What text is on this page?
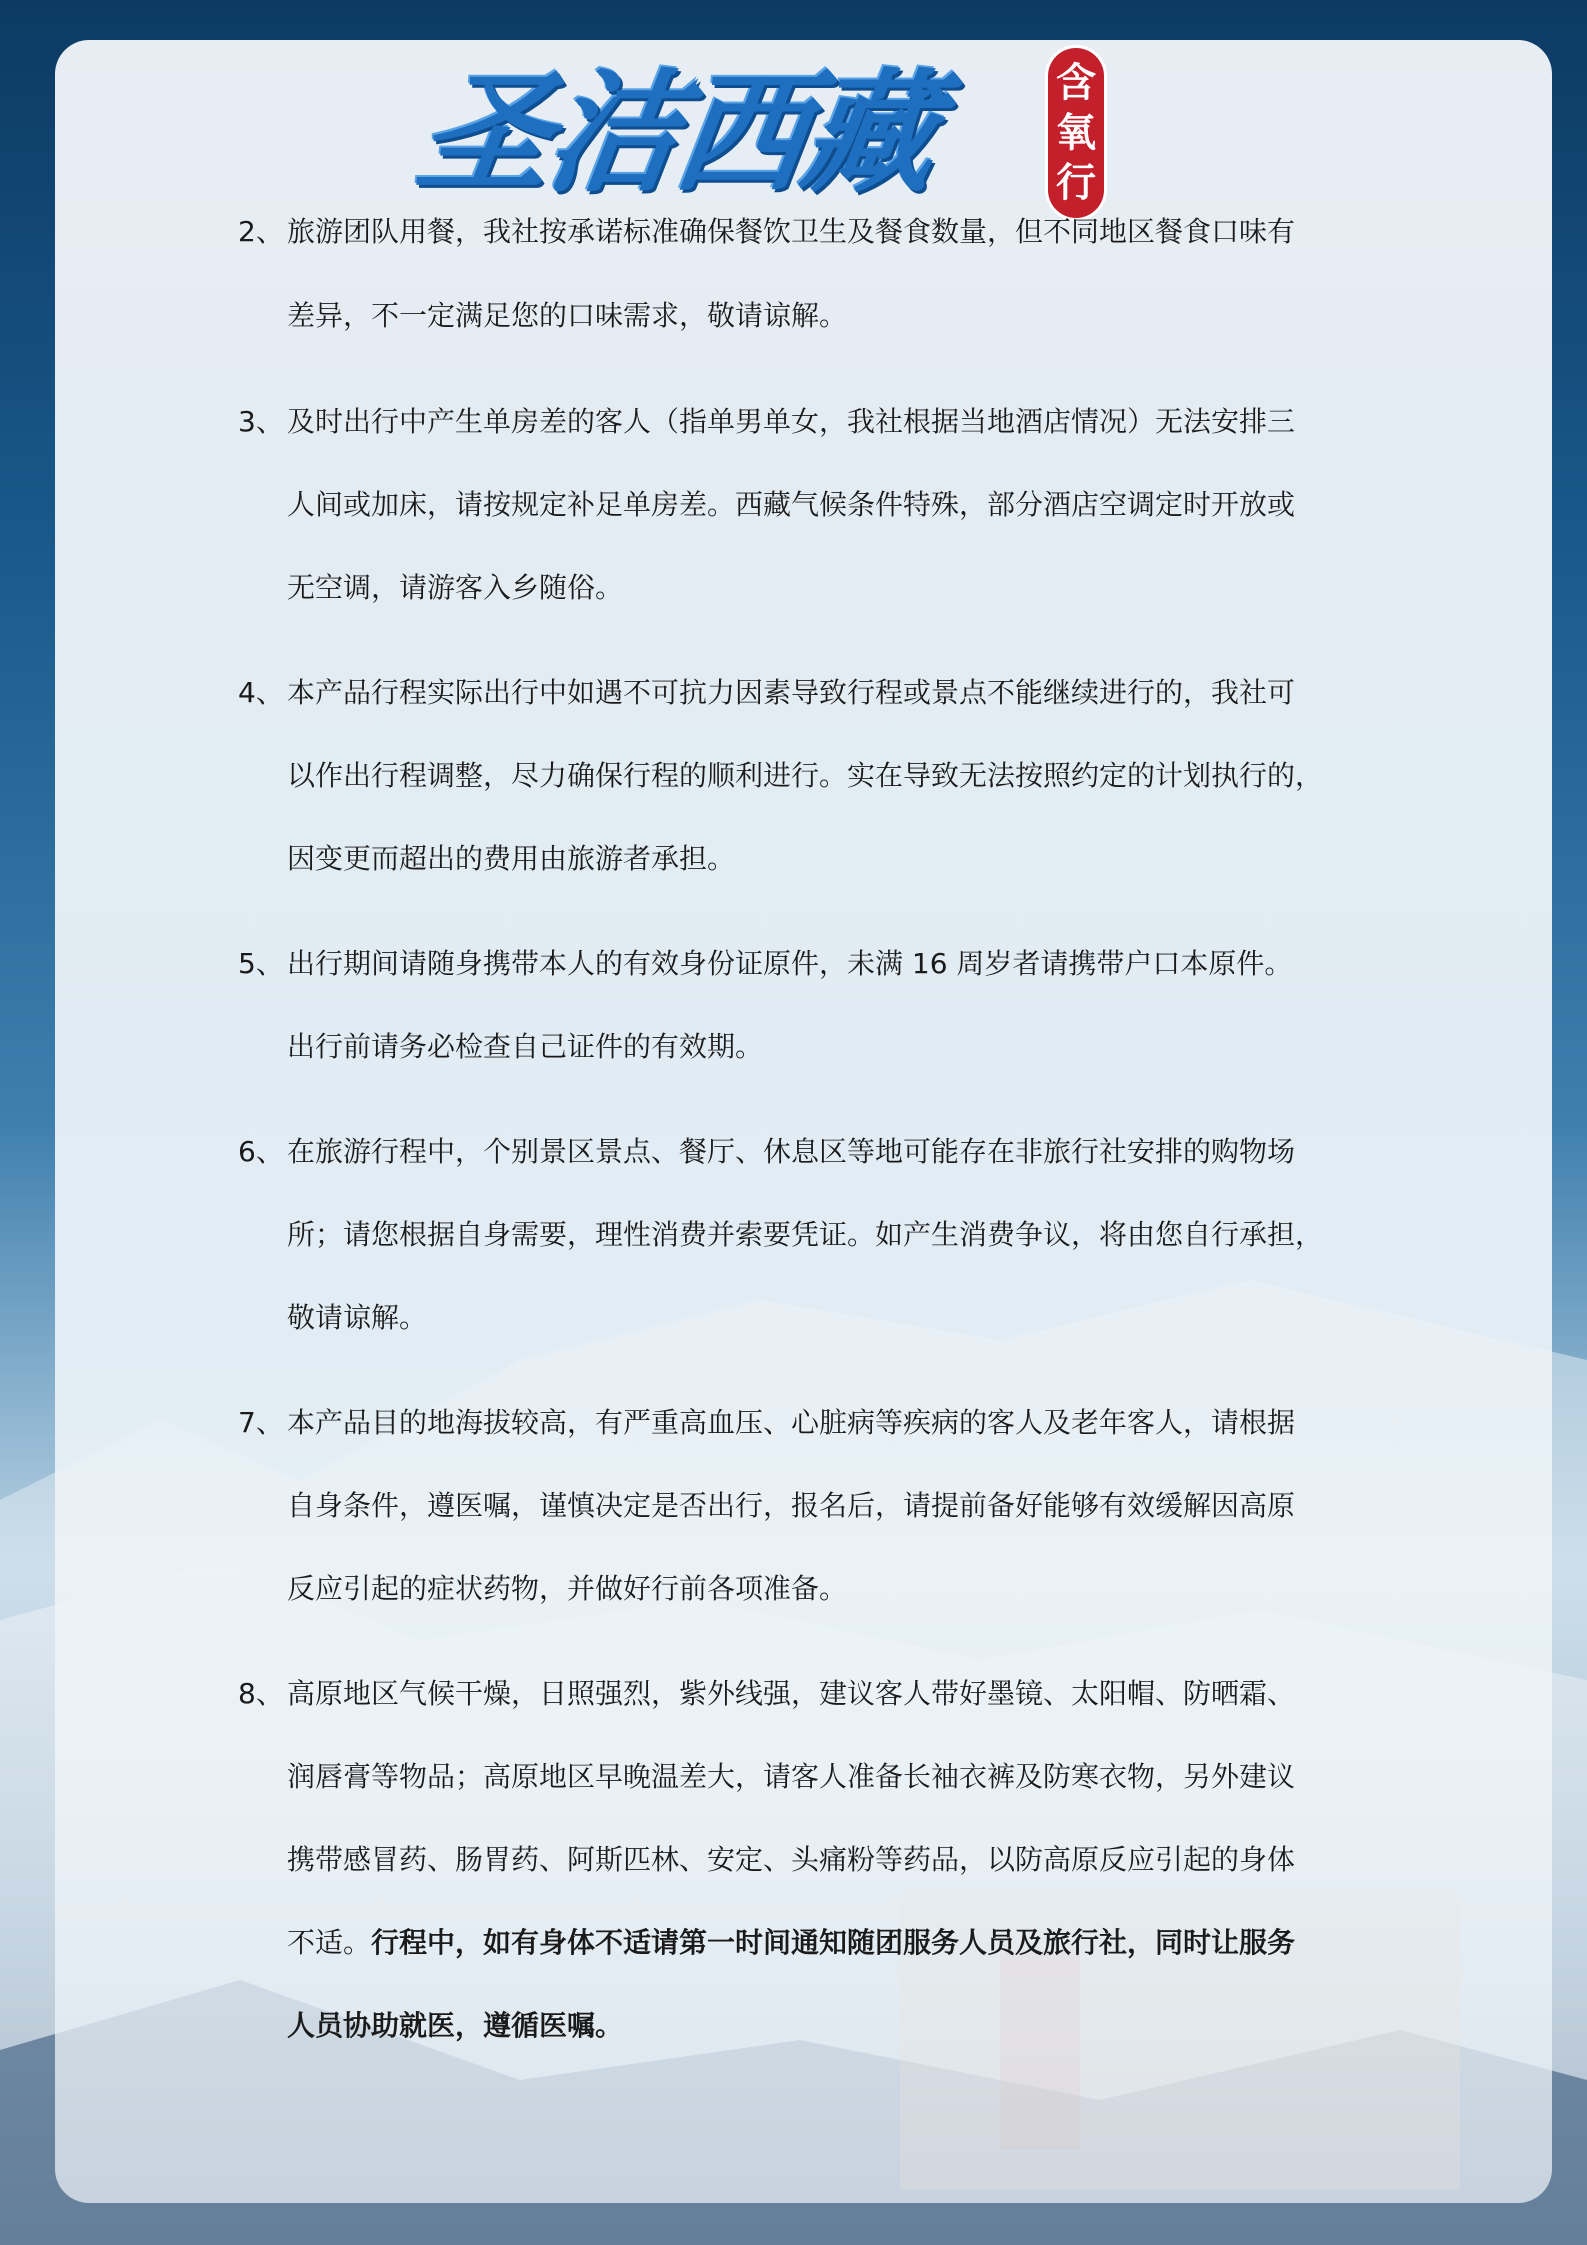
圣洁西藏	含
氧
行
2、 旅游团队用餐，我社按承诺标准确保餐饮卫生及餐食数量，但不同地区餐食口味有
差异，不一定满足您的口味需求，敬请谅解。
3、 及时出行中产生单房差的客人（指单男单女，我社根据当地酒店情况）无法安排三
人间或加床，请按规定补足单房差。西藏气候条件特殊，部分酒店空调定时开放或
无空调，请游客入乡随俗。
4、 本产品行程实际出行中如遇不可抗力因素导致行程或景点不能继续进行的，我社可
以作出行程调整，尽力确保行程的顺利进行。实在导致无法按照约定的计划执行的，
因变更而超出的费用由旅游者承担。
5、 出行期间请随身携带本人的有效身份证原件，未满 16 周岁者请携带户口本原件。
出行前请务必检查自己证件的有效期。
6、 在旅游行程中，个别景区景点、餐厅、休息区等地可能存在非旅行社安排的购物场
所；请您根据自身需要，理性消费并索要凭证。如产生消费争议，将由您自行承担，
敬请谅解。
7、 本产品目的地海拔较高，有严重高血压、心脏病等疾病的客人及老年客人，请根据
自身条件，遵医嘱，谨慎决定是否出行，报名后，请提前备好能够有效缓解因高原
反应引起的症状药物，并做好行前各项准备。
8、 高原地区气候干燥，日照强烈，紫外线强，建议客人带好墨镜、太阳帽、防晒霜、
润唇膏等物品；高原地区早晚温差大，请客人准备长袖衣裤及防寒衣物，另外建议
携带感冒药、肠胃药、阿斯匹林、安定、头痛粉等药品，以防高原反应引起的身体
不适。行程中，如有身体不适请第一时间通知随团服务人员及旅行社，同时让服务
人员协助就医，遵循医嘱。
